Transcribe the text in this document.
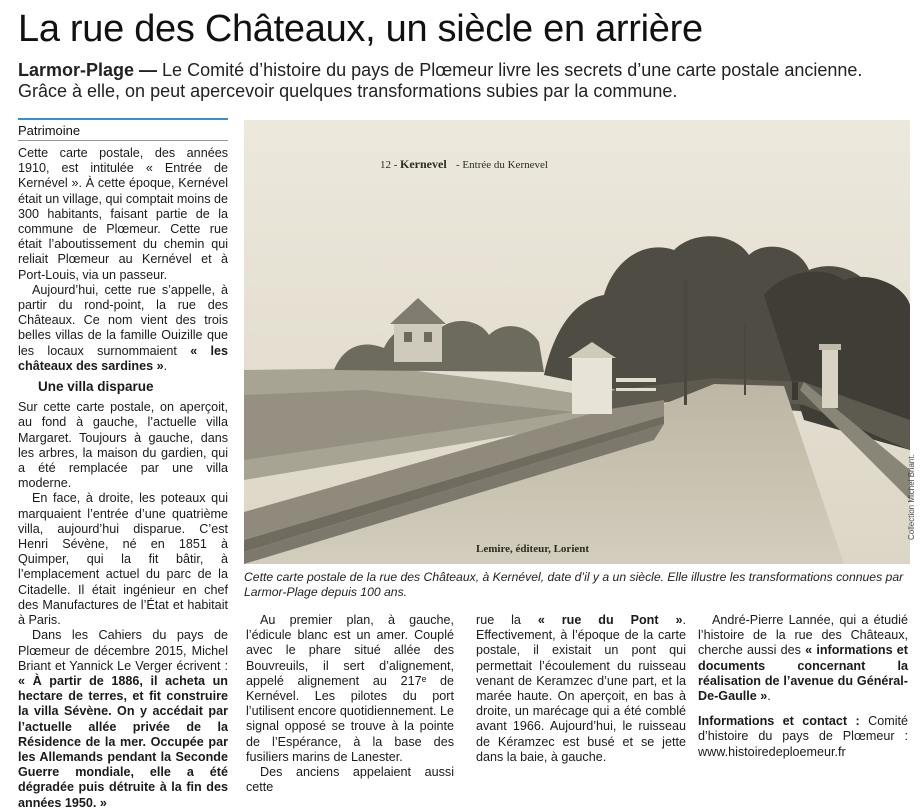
La rue des Châteaux, un siècle en arrière
Larmor-Plage — Le Comité d’histoire du pays de Plœmeur livre les secrets d’une carte postale ancienne. Grâce à elle, on peut apercevoir quelques transformations subies par la commune.
Patrimoine

Cette carte postale, des années 1910, est intitulée « Entrée de Kernével ». À cette époque, Kernével était un village, qui comptait moins de 300 habitants, faisant partie de la commune de Plœmeur. Cette rue était l’aboutissement du chemin qui reliait Plœmeur au Kernével et à Port-Louis, via un passeur.

Aujourd’hui, cette rue s’appelle, à partir du rond-point, la rue des Châteaux. Ce nom vient des trois belles villas de la famille Ouizille que les locaux surnommaient « les châteaux des sardines ».

Une villa disparue

Sur cette carte postale, on aperçoit, au fond à gauche, l’actuelle villa Margaret. Toujours à gauche, dans les arbres, la maison du gardien, qui a été remplacée par une villa moderne.

En face, à droite, les poteaux qui marquaient l’entrée d’une quatrième villa, aujourd’hui disparue. C’est Henri Sévène, né en 1851 à Quimper, qui la fit bâtir, à l’emplacement actuel du parc de la Citadelle. Il était ingénieur en chef des Manufactures de l’État et habitait à Paris.

Dans les Cahiers du pays de Plœmeur de décembre 2015, Michel Briant et Yannick Le Verger écrivent : « À partir de 1886, il acheta un hectare de terres, et fit construire la villa Sévène. On y accédait par l’actuelle allée privée de la Résidence de la mer. Occupée par les Allemands pendant la Seconde Guerre mondiale, elle a été dégradée puis détruite à la fin des années 1950. »

12 - Kernevel - Entrée du Kernevel
Lemire, éditeur, Lorient
Collection Michel Briant.
Cette carte postale de la rue des Châteaux, à Kernével, date d’il y a un siècle. Elle illustre les transformations connues par Larmor-Plage depuis 100 ans.

Au premier plan, à gauche, l’édicule blanc est un amer. Couplé avec le phare situé allée des Bouvreuils, il sert d’alignement, appelé alignement au 217ᵉ de Kernével. Les pilotes du port l’utilisent encore quotidiennement. Le signal opposé se trouve à la pointe de l’Espérance, à la base des fusiliers marins de Lanester.

Des anciens appelaient aussi cette

rue la « rue du Pont ». Effectivement, à l’époque de la carte postale, il existait un pont qui permettait l’écoulement du ruisseau venant de Keramzec d’une part, et la marée haute. On aperçoit, en bas à droite, un marécage qui a été comblé avant 1966. Aujourd’hui, le ruisseau de Kéramzec est busé et se jette dans la baie, à gauche.

André-Pierre Lannée, qui a étudié l’histoire de la rue des Châteaux, cherche aussi des « informations et documents concernant la réalisation de l’avenue du Général-De-Gaulle ».

Informations et contact : Comité d’histoire du pays de Plœmeur : www.histoiredeploemeur.fr
